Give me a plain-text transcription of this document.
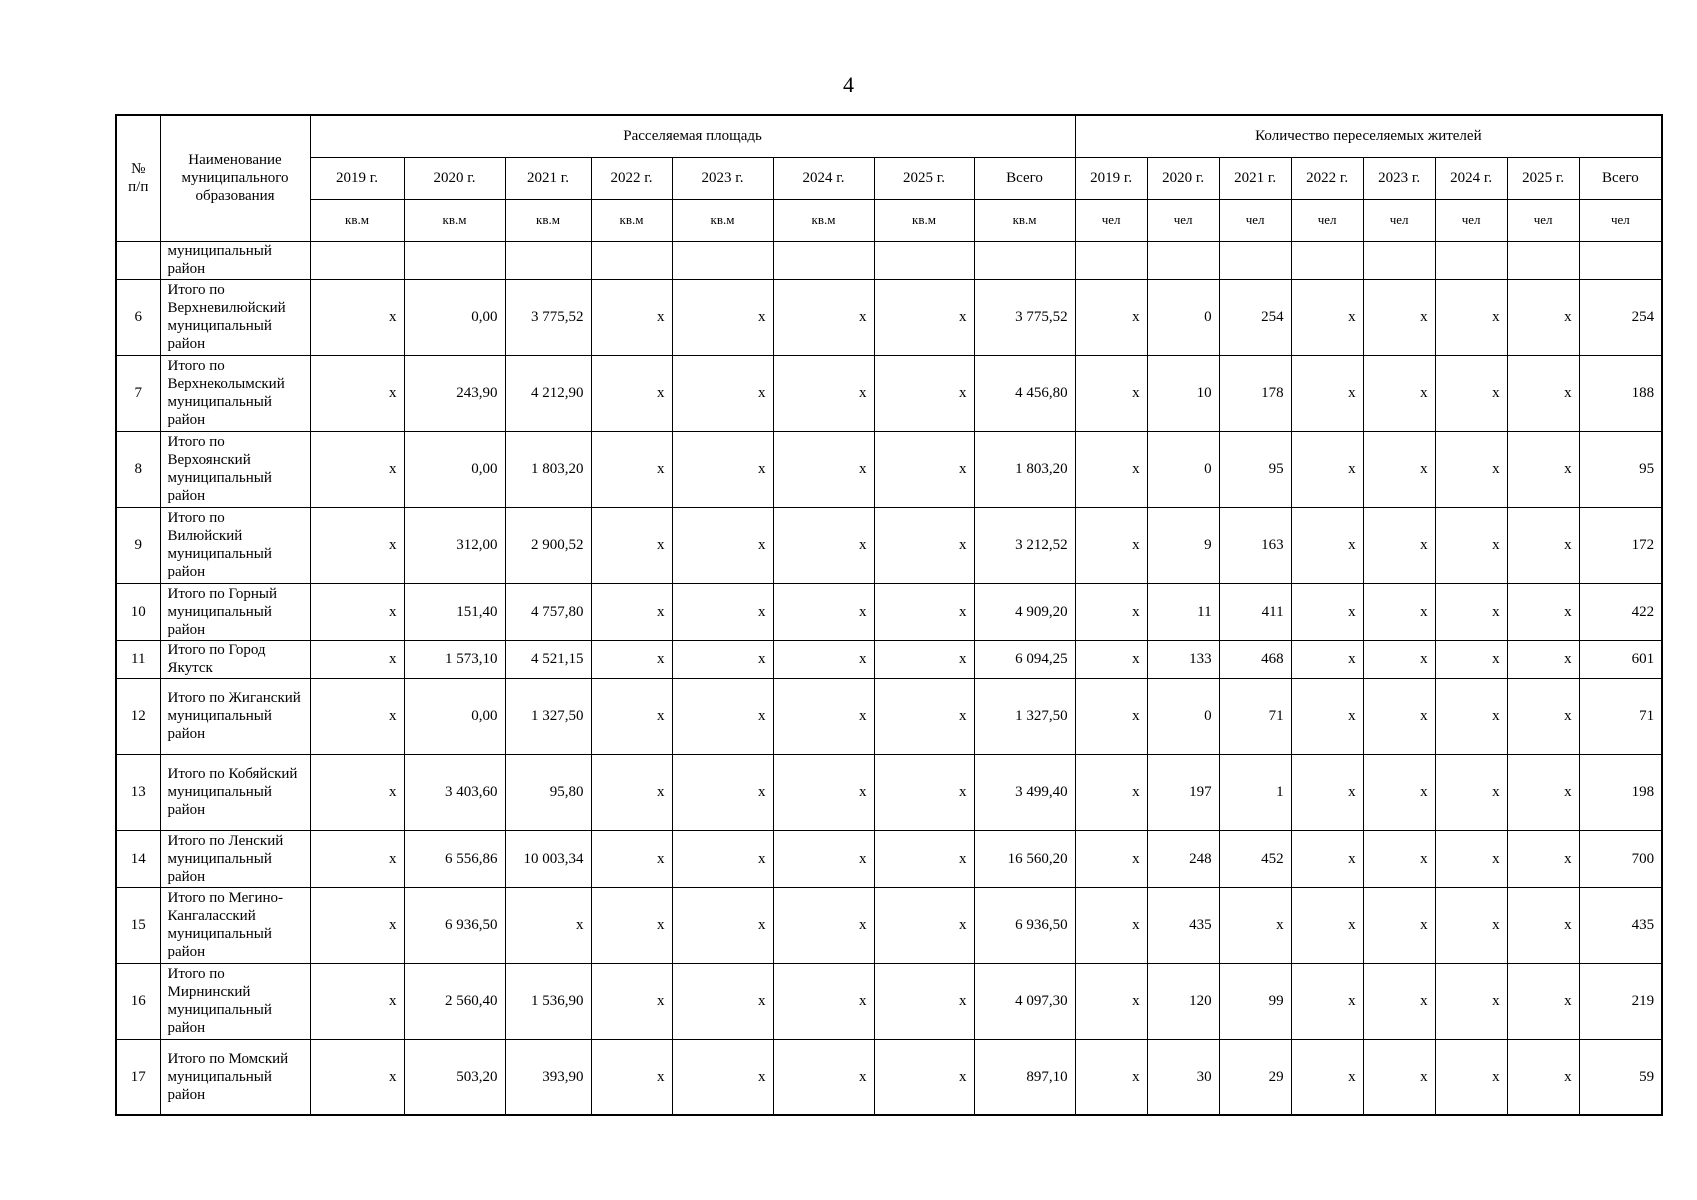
4
№ п/п	Наименование муниципального образования	Расселяемая площадь								Количество переселяемых жителей							
		2019 г.	2020 г.	2021 г.	2022 г.	2023 г.	2024 г.	2025 г.	Всего	2019 г.	2020 г.	2021 г.	2022 г.	2023 г.	2024 г.	2025 г.	Всего
		кв.м	кв.м	кв.м	кв.м	кв.м	кв.м	кв.м	кв.м	чел	чел	чел	чел	чел	чел	чел	чел
	муниципальный район																
6	Итого по Верхневилюйский муниципальный район	x	0,00	3 775,52	x	x	x	x	3 775,52	x	0	254	x	x	x	x	254
7	Итого по Верхнеколымский муниципальный район	x	243,90	4 212,90	x	x	x	x	4 456,80	x	10	178	x	x	x	x	188
8	Итого по Верхоянский муниципальный район	x	0,00	1 803,20	x	x	x	x	1 803,20	x	0	95	x	x	x	x	95
9	Итого по Вилюйский муниципальный район	x	312,00	2 900,52	x	x	x	x	3 212,52	x	9	163	x	x	x	x	172
10	Итого по Горный муниципальный район	x	151,40	4 757,80	x	x	x	x	4 909,20	x	11	411	x	x	x	x	422
11	Итого по Город Якутск	x	1 573,10	4 521,15	x	x	x	x	6 094,25	x	133	468	x	x	x	x	601
12	Итого по Жиганский муниципальный район	x	0,00	1 327,50	x	x	x	x	1 327,50	x	0	71	x	x	x	x	71
13	Итого по Кобяйский муниципальный район	x	3 403,60	95,80	x	x	x	x	3 499,40	x	197	1	x	x	x	x	198
14	Итого по Ленский муниципальный район	x	6 556,86	10 003,34	x	x	x	x	16 560,20	x	248	452	x	x	x	x	700
15	Итого по Мегино-Кангаласский муниципальный район	x	6 936,50	x	x	x	x	x	6 936,50	x	435	x	x	x	x	x	435
16	Итого по Мирнинский муниципальный район	x	2 560,40	1 536,90	x	x	x	x	4 097,30	x	120	99	x	x	x	x	219
17	Итого по Момский муниципальный район	x	503,20	393,90	x	x	x	x	897,10	x	30	29	x	x	x	x	59
